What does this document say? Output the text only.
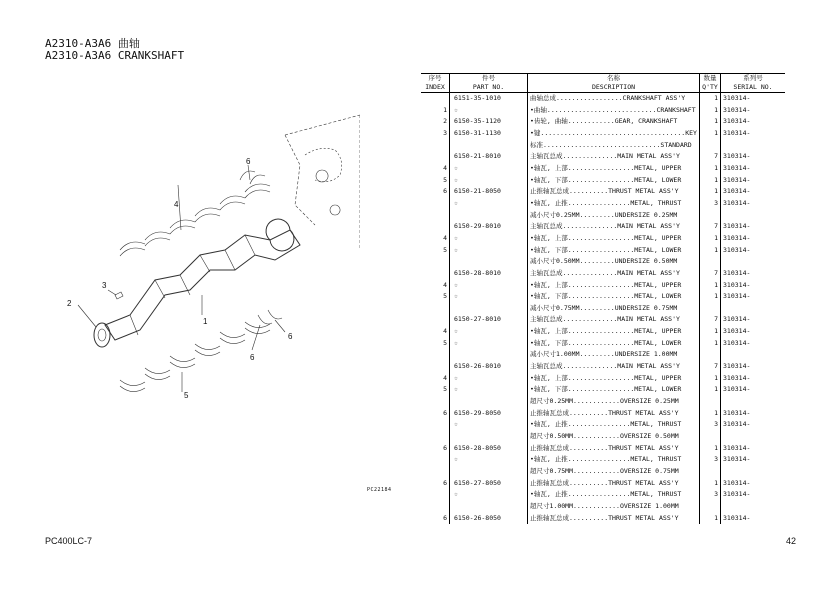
A2310-A3A6 曲轴
A2310-A3A6 CRANKSHAFT
4
6
3
2
1
5
6
6
PC22184
序号	件号	名称	数量	系列号
INDEX	PART NO.	DESCRIPTION	Q'TY	SERIAL NO.
	6151-35-1010	曲轴总成.................CRANKSHAFT ASS'Y	1	310314-
1	☆	•曲轴............................CRANKSHAFT	1	310314-
2	6150-35-1120	•齿轮, 曲轴............GEAR, CRANKSHAFT	1	310314-
3	6150-31-1130	•键.....................................KEY	1	310314-
		标准..............................STANDARD		
	6150-21-8010	主轴瓦总成..............MAIN METAL ASS'Y	7	310314-
4	☆	•轴瓦, 上部.................METAL, UPPER	1	310314-
5	☆	•轴瓦, 下部.................METAL, LOWER	1	310314-
6	6150-21-8050	止推轴瓦总成..........THRUST METAL ASS'Y	1	310314-
	☆	•轴瓦, 止推................METAL, THRUST	3	310314-
		减小尺寸0.25MM.........UNDERSIZE 0.25MM		
	6150-29-8010	主轴瓦总成..............MAIN METAL ASS'Y	7	310314-
4	☆	•轴瓦, 上部.................METAL, UPPER	1	310314-
5	☆	•轴瓦, 下部.................METAL, LOWER	1	310314-
		减小尺寸0.50MM.........UNDERSIZE 0.50MM		
	6150-28-8010	主轴瓦总成..............MAIN METAL ASS'Y	7	310314-
4	☆	•轴瓦, 上部.................METAL, UPPER	1	310314-
5	☆	•轴瓦, 下部.................METAL, LOWER	1	310314-
		减小尺寸0.75MM.........UNDERSIZE 0.75MM		
	6150-27-8010	主轴瓦总成..............MAIN METAL ASS'Y	7	310314-
4	☆	•轴瓦, 上部.................METAL, UPPER	1	310314-
5	☆	•轴瓦, 下部.................METAL, LOWER	1	310314-
		减小尺寸1.00MM.........UNDERSIZE 1.00MM		
	6150-26-8010	主轴瓦总成..............MAIN METAL ASS'Y	7	310314-
4	☆	•轴瓦, 上部.................METAL, UPPER	1	310314-
5	☆	•轴瓦, 下部.................METAL, LOWER	1	310314-
		超尺寸0.25MM............OVERSIZE 0.25MM		
6	6150-29-8050	止推轴瓦总成..........THRUST METAL ASS'Y	1	310314-
	☆	•轴瓦, 止推................METAL, THRUST	3	310314-
		超尺寸0.50MM............OVERSIZE 0.50MM		
6	6150-28-8050	止推轴瓦总成..........THRUST METAL ASS'Y	1	310314-
	☆	•轴瓦, 止推................METAL, THRUST	3	310314-
		超尺寸0.75MM............OVERSIZE 0.75MM		
6	6150-27-8050	止推轴瓦总成..........THRUST METAL ASS'Y	1	310314-
	☆	•轴瓦, 止推................METAL, THRUST	3	310314-
		超尺寸1.00MM............OVERSIZE 1.00MM		
6	6150-26-8050	止推轴瓦总成..........THRUST METAL ASS'Y	1	310314-
PC400LC-7	42
